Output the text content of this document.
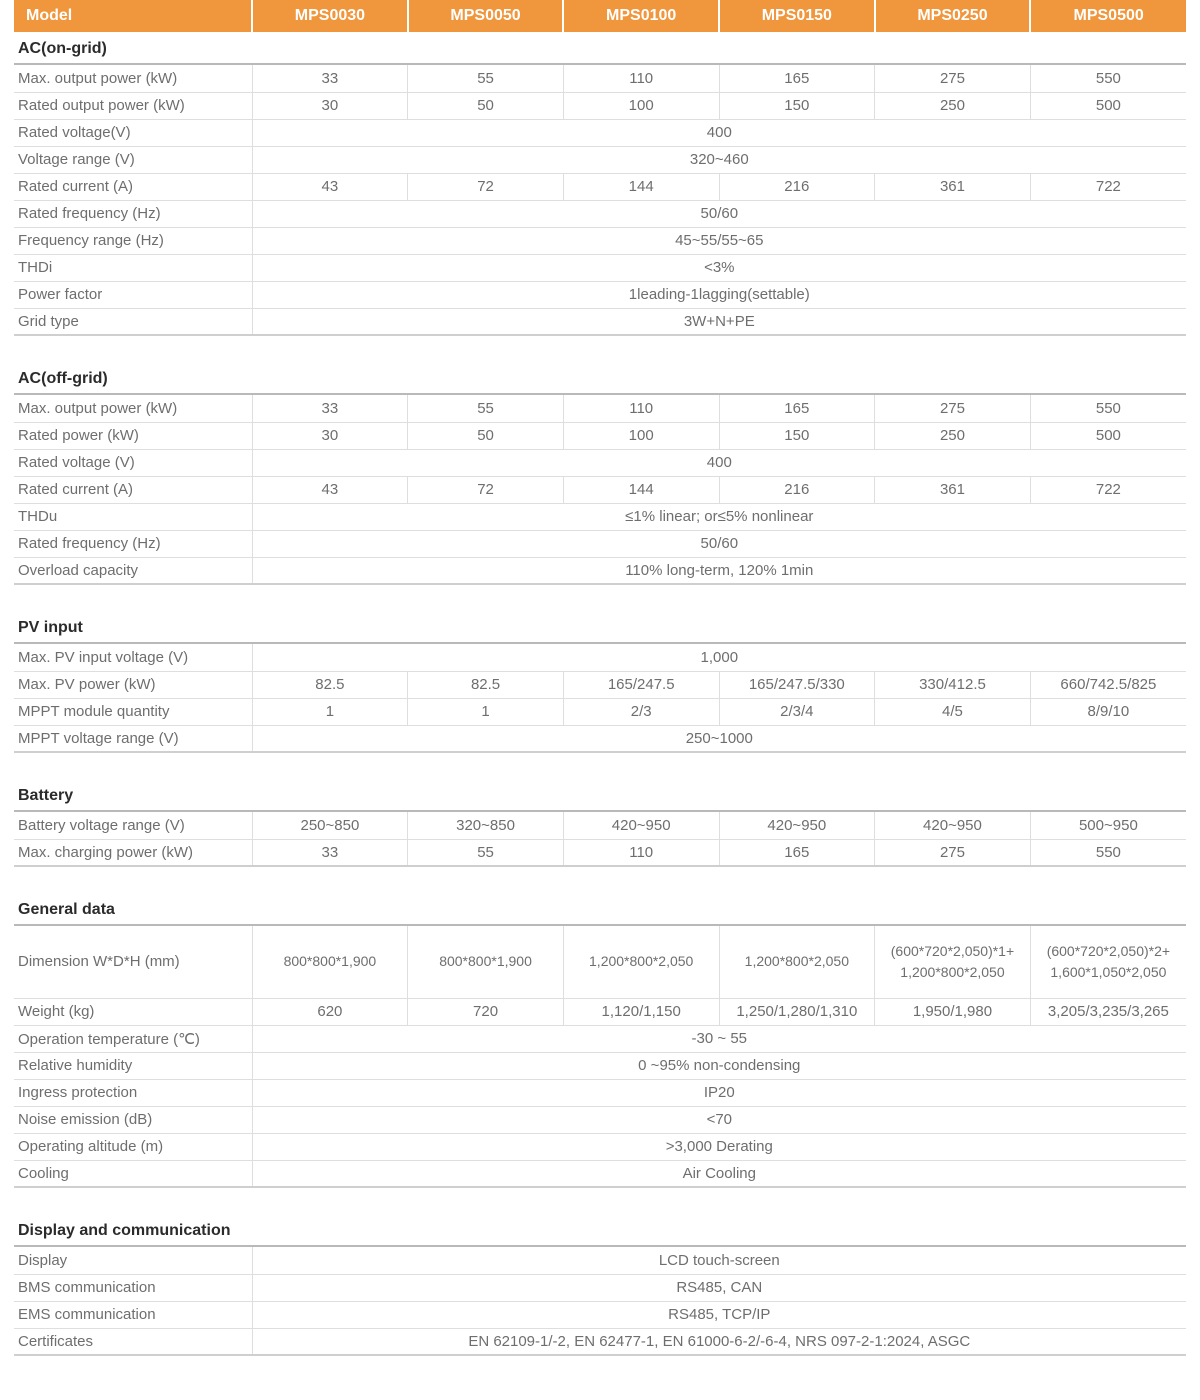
Model	MPS0030	MPS0050	MPS0100	MPS0150	MPS0250	MPS0500
AC(on-grid)						

Max. output power (kW)	33	55	110	165	275	550
Rated output power (kW)	30	50	100	150	250	500
Rated voltage(V)	400					
Voltage range (V)	320~460					
Rated current (A)	43	72	144	216	361	722
Rated frequency (Hz)	50/60					
Frequency range (Hz)	45~55/55~65					
THDi	<3%					
Power factor	1leading-1lagging(settable)					
Grid type	3W+N+PE					
AC(off-grid)						

Max. output power (kW)	33	55	110	165	275	550
Rated power (kW)	30	50	100	150	250	500
Rated voltage (V)	400					
Rated current (A)	43	72	144	216	361	722
THDu	≤1% linear; or≤5% nonlinear					
Rated frequency (Hz)	50/60					
Overload capacity	110% long-term, 120% 1min					
PV input						

Max. PV input voltage (V)	1,000					
Max. PV power (kW)	82.5	82.5	165/247.5	165/247.5/330	330/412.5	660/742.5/825
MPPT module quantity	1	1	2/3	2/3/4	4/5	8/9/10
MPPT voltage range (V)	250~1000					
Battery						

Battery voltage range (V)	250~850	320~850	420~950	420~950	420~950	500~950
Max. charging power (kW)	33	55	110	165	275	550
General data						

Dimension W*D*H (mm)	800*800*1,900	800*800*1,900	1,200*800*2,050	1,200*800*2,050	(600*720*2,050)*1+ 1,200*800*2,050	(600*720*2,050)*2+ 1,600*1,050*2,050
Weight (kg)	620	720	1,120/1,150	1,250/1,280/1,310	1,950/1,980	3,205/3,235/3,265
Operation temperature (℃)	-30 ~ 55					
Relative humidity	0 ~95% non-condensing					
Ingress protection	IP20					
Noise emission (dB)	<70					
Operating altitude (m)	>3,000 Derating					
Cooling	Air Cooling					
Display and communication						

Display	LCD touch-screen					
BMS communication	RS485, CAN					
EMS communication	RS485, TCP/IP					
Certificates	EN 62109-1/-2, EN 62477-1, EN 61000-6-2/-6-4, NRS 097-2-1:2024, ASGC					
